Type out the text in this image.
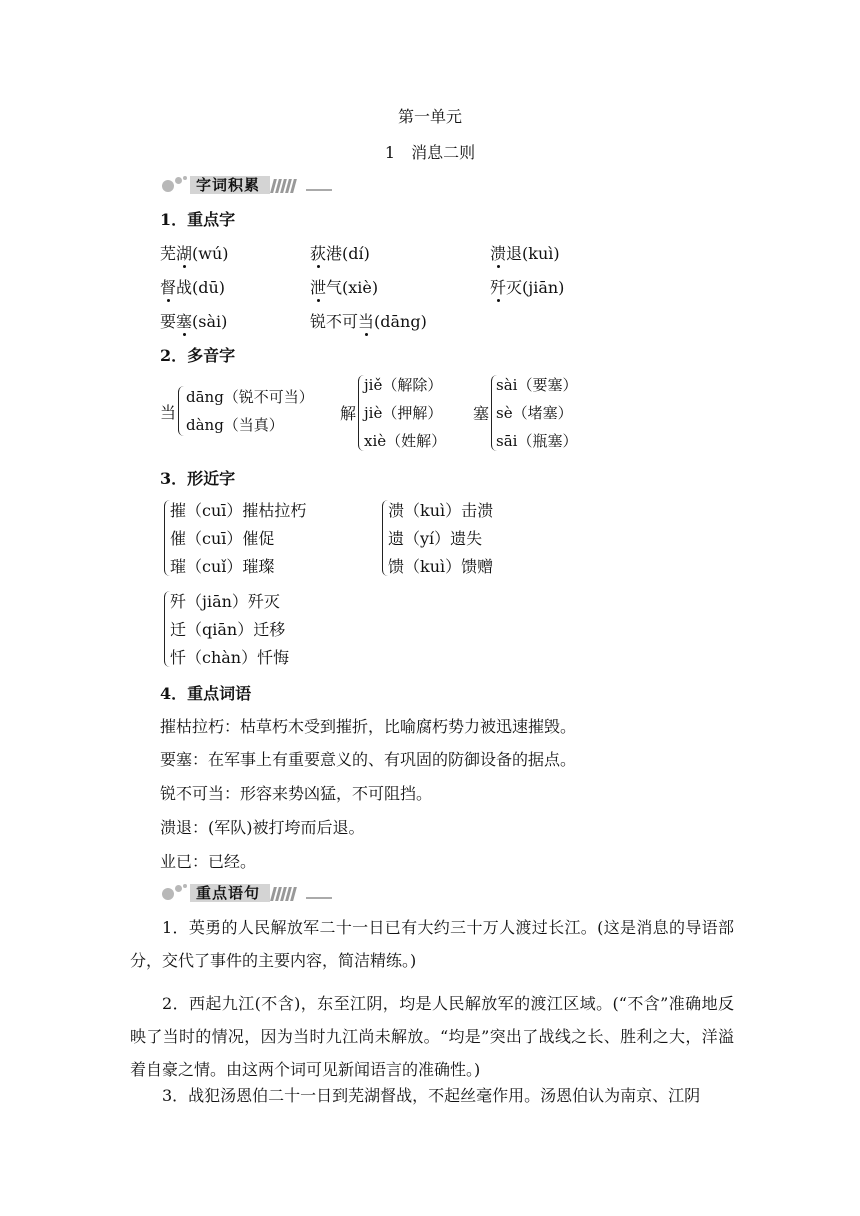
第一单元
1　消息二则
字词积累
1．重点字
芜湖(wú)	荻港(dí)	溃退(kuì)
督战(dū)	泄气(xiè)	歼灭(jiān)
要塞(sài)	锐不可当(dāng)
2．多音字
当
dāng（锐不可当）
dàng（当真）
解
jiě（解除）
jiè（押解）
xiè（姓解）
塞
sài（要塞）
sè（堵塞）
sāi（瓶塞）
3．形近字
摧（cuī）摧枯拉朽
催（cuī）催促
璀（cuǐ）璀璨
溃（kuì）击溃
遗（yí）遗失
馈（kuì）馈赠
歼（jiān）歼灭
迁（qiān）迁移
忏（chàn）忏悔
4．重点词语
摧枯拉朽：枯草朽木受到摧折，比喻腐朽势力被迅速摧毁。
要塞：在军事上有重要意义的、有巩固的防御设备的据点。
锐不可当：形容来势凶猛，不可阻挡。
溃退：(军队)被打垮而后退。
业已：已经。
重点语句
1．英勇的人民解放军二十一日已有大约三十万人渡过长江。(这是消息的导语部分，交代了事件的主要内容，简洁精练。)
2．西起九江(不含)，东至江阴，均是人民解放军的渡江区域。(“不含”准确地反映了当时的情况，因为当时九江尚未解放。“均是”突出了战线之长、胜利之大，洋溢着自豪之情。由这两个词可见新闻语言的准确性。)
3．战犯汤恩伯二十一日到芜湖督战，不起丝毫作用。汤恩伯认为南京、江阴
